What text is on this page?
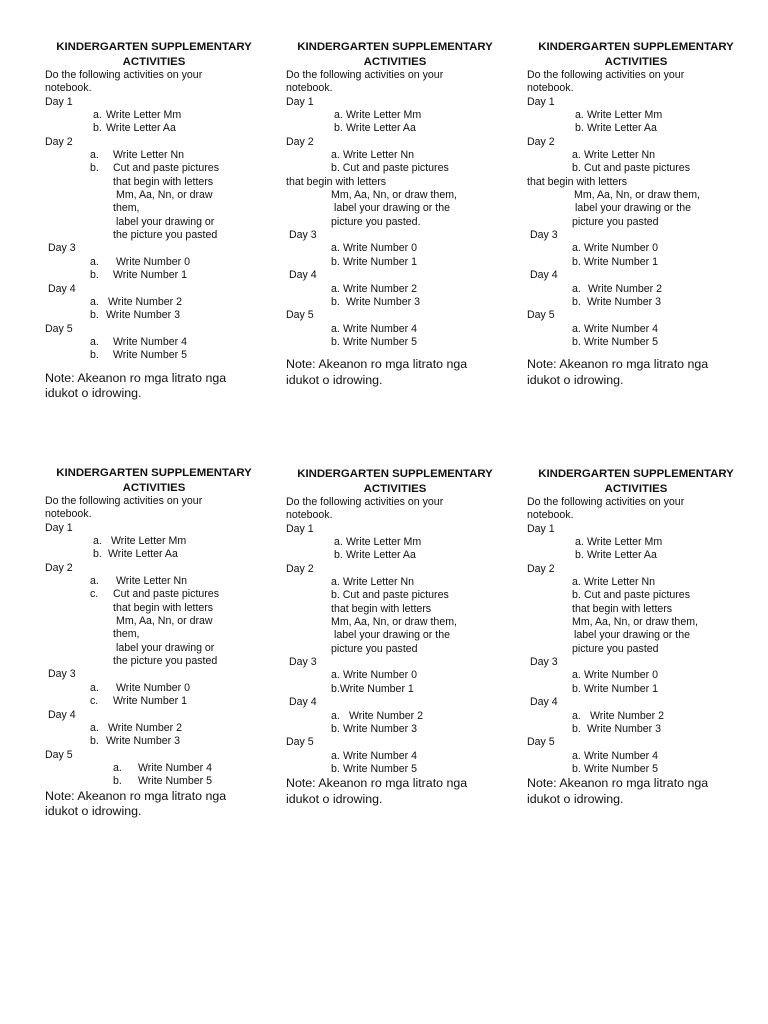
KINDERGARTEN SUPPLEMENTARY
ACTIVITIES
Do the following activities on your
notebook.
Day 1
a. Write Letter Mm
b. Write Letter Aa
Day 2
a. Write Letter Nn
b. Cut and paste pictures
that begin with letters
Mm, Aa, Nn, or draw
them,
label your drawing or
the picture you pasted
Day 3
a. Write Number 0
b. Write Number 1
Day 4
a. Write Number 2
b. Write Number 3
Day 5
a. Write Number 4
b. Write Number 5
Note: Akeanon ro mga litrato nga
idukot o idrowing.
KINDERGARTEN SUPPLEMENTARY
ACTIVITIES
Do the following activities on your
notebook.
Day 1
a. Write Letter Mm
b. Write Letter Aa
Day 2
a. Write Letter Nn
b. Cut and paste pictures
that begin with letters
Mm, Aa, Nn, or draw them,
label your drawing or the
picture you pasted.
Day 3
a. Write Number 0
b. Write Number 1
Day 4
a. Write Number 2
b. Write Number 3
Day 5
a. Write Number 4
b. Write Number 5
Note: Akeanon ro mga litrato nga
idukot o idrowing.
KINDERGARTEN SUPPLEMENTARY
ACTIVITIES
Do the following activities on your
notebook.
Day 1
a. Write Letter Mm
b. Write Letter Aa
Day 2
a. Write Letter Nn
b. Cut and paste pictures
that begin with letters
Mm, Aa, Nn, or draw them,
label your drawing or the
picture you pasted
Day 3
a. Write Number 0
b. Write Number 1
Day 4
a. Write Number 2
b. Write Number 3
Day 5
a. Write Number 4
b. Write Number 5
Note: Akeanon ro mga litrato nga
idukot o idrowing.
KINDERGARTEN SUPPLEMENTARY
ACTIVITIES
Do the following activities on your
notebook.
Day 1
a. Write Letter Mm
b. Write Letter Aa
Day 2
a. Write Letter Nn
c. Cut and paste pictures
that begin with letters
Mm, Aa, Nn, or draw
them,
label your drawing or
the picture you pasted
Day 3
a. Write Number 0
c. Write Number 1
Day 4
a. Write Number 2
b. Write Number 3
Day 5
a. Write Number 4
b. Write Number 5
Note: Akeanon ro mga litrato nga
idukot o idrowing.
KINDERGARTEN SUPPLEMENTARY
ACTIVITIES
Do the following activities on your
notebook.
Day 1
a. Write Letter Mm
b. Write Letter Aa
Day 2
a. Write Letter Nn
b. Cut and paste pictures
that begin with letters
Mm, Aa, Nn, or draw them,
label your drawing or the
picture you pasted
Day 3
a. Write Number 0
b.Write Number 1
Day 4
a. Write Number 2
b. Write Number 3
Day 5
a. Write Number 4
b. Write Number 5
Note: Akeanon ro mga litrato nga
idukot o idrowing.
KINDERGARTEN SUPPLEMENTARY
ACTIVITIES
Do the following activities on your
notebook.
Day 1
a. Write Letter Mm
b. Write Letter Aa
Day 2
a. Write Letter Nn
b. Cut and paste pictures
that begin with letters
Mm, Aa, Nn, or draw them,
label your drawing or the
picture you pasted
Day 3
a. Write Number 0
b. Write Number 1
Day 4
a. Write Number 2
b. Write Number 3
Day 5
a. Write Number 4
b. Write Number 5
Note: Akeanon ro mga litrato nga
idukot o idrowing.
